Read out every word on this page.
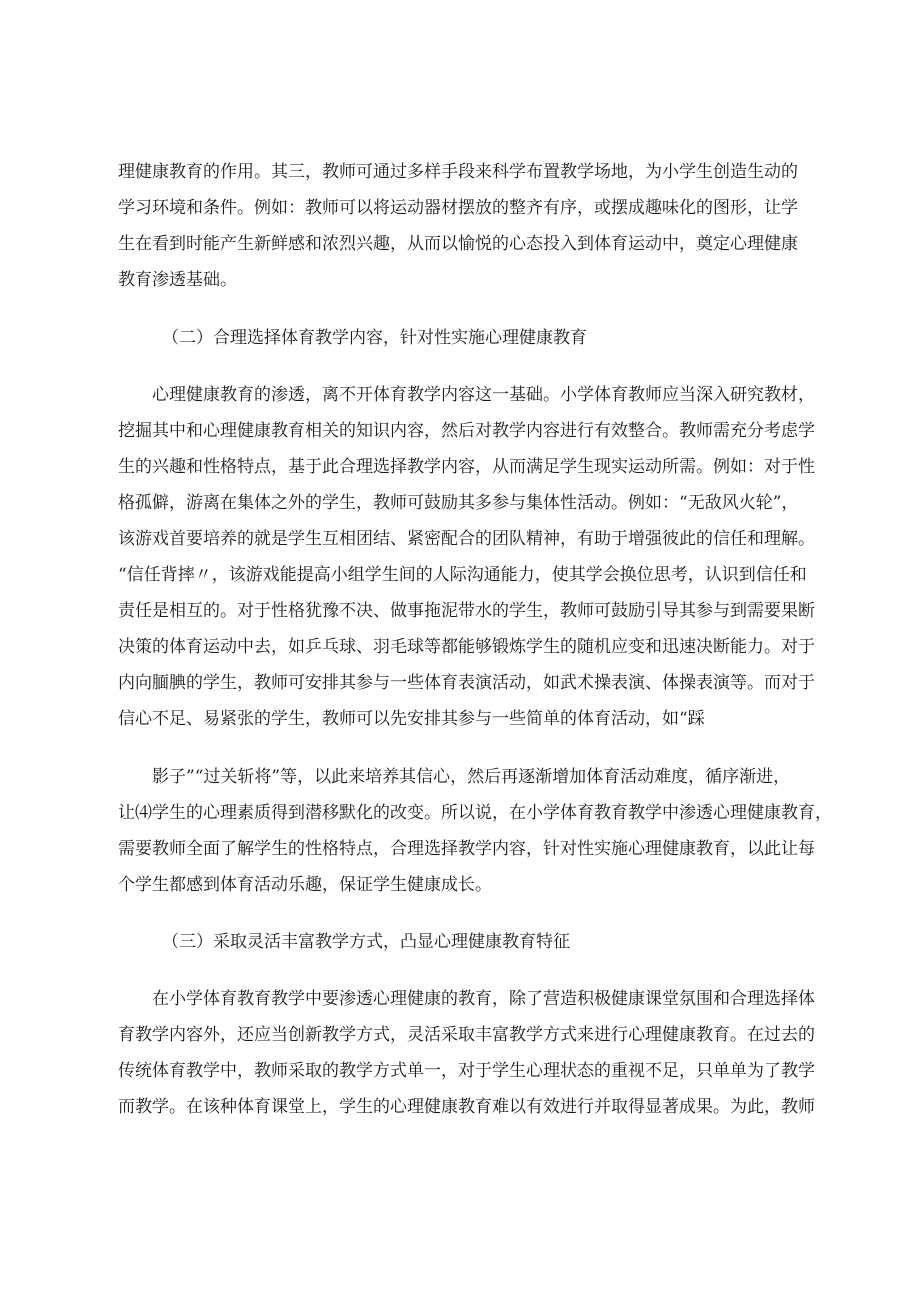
理健康教育的作用。其三，教师可通过多样手段来科学布置教学场地，为小学生创造生动的
学习环境和条件。例如：教师可以将运动器材摆放的整齐有序，或摆成趣味化的图形，让学
生在看到时能产生新鲜感和浓烈兴趣，从而以愉悦的心态投入到体育运动中，奠定心理健康
教育渗透基础。
（二）合理选择体育教学内容，针对性实施心理健康教育
心理健康教育的渗透，离不开体育教学内容这一基础。小学体育教师应当深入研究教材，
挖掘其中和心理健康教育相关的知识内容，然后对教学内容进行有效整合。教师需充分考虑学
生的兴趣和性格特点，基于此合理选择教学内容，从而满足学生现实运动所需。例如：对于性
格孤僻，游离在集体之外的学生，教师可鼓励其多参与集体性活动。例如：“无敌风火轮”，
该游戏首要培养的就是学生互相团结、紧密配合的团队精神，有助于增强彼此的信任和理解。
“信任背摔〃，该游戏能提高小组学生间的人际沟通能力，使其学会换位思考，认识到信任和
责任是相互的。对于性格犹豫不决、做事拖泥带水的学生，教师可鼓励引导其参与到需要果断
决策的体育运动中去，如乒乓球、羽毛球等都能够锻炼学生的随机应变和迅速决断能力。对于
内向腼腆的学生，教师可安排其参与一些体育表演活动，如武术操表演、体操表演等。而对于
信心不足、易紧张的学生，教师可以先安排其参与一些简单的体育活动，如“踩
影子”“过关斩将”等，以此来培养其信心，然后再逐渐增加体育活动难度，循序渐进，
让⑷学生的心理素质得到潜移默化的改变。所以说，在小学体育教育教学中渗透心理健康教育，
需要教师全面了解学生的性格特点，合理选择教学内容，针对性实施心理健康教育，以此让每
个学生都感到体育活动乐趣，保证学生健康成长。
（三）采取灵活丰富教学方式，凸显心理健康教育特征
在小学体育教育教学中要渗透心理健康的教育，除了营造积极健康课堂氛围和合理选择体
育教学内容外，还应当创新教学方式，灵活采取丰富教学方式来进行心理健康教育。在过去的
传统体育教学中，教师采取的教学方式单一，对于学生心理状态的重视不足，只单单为了教学
而教学。在该种体育课堂上，学生的心理健康教育难以有效进行并取得显著成果。为此，教师
